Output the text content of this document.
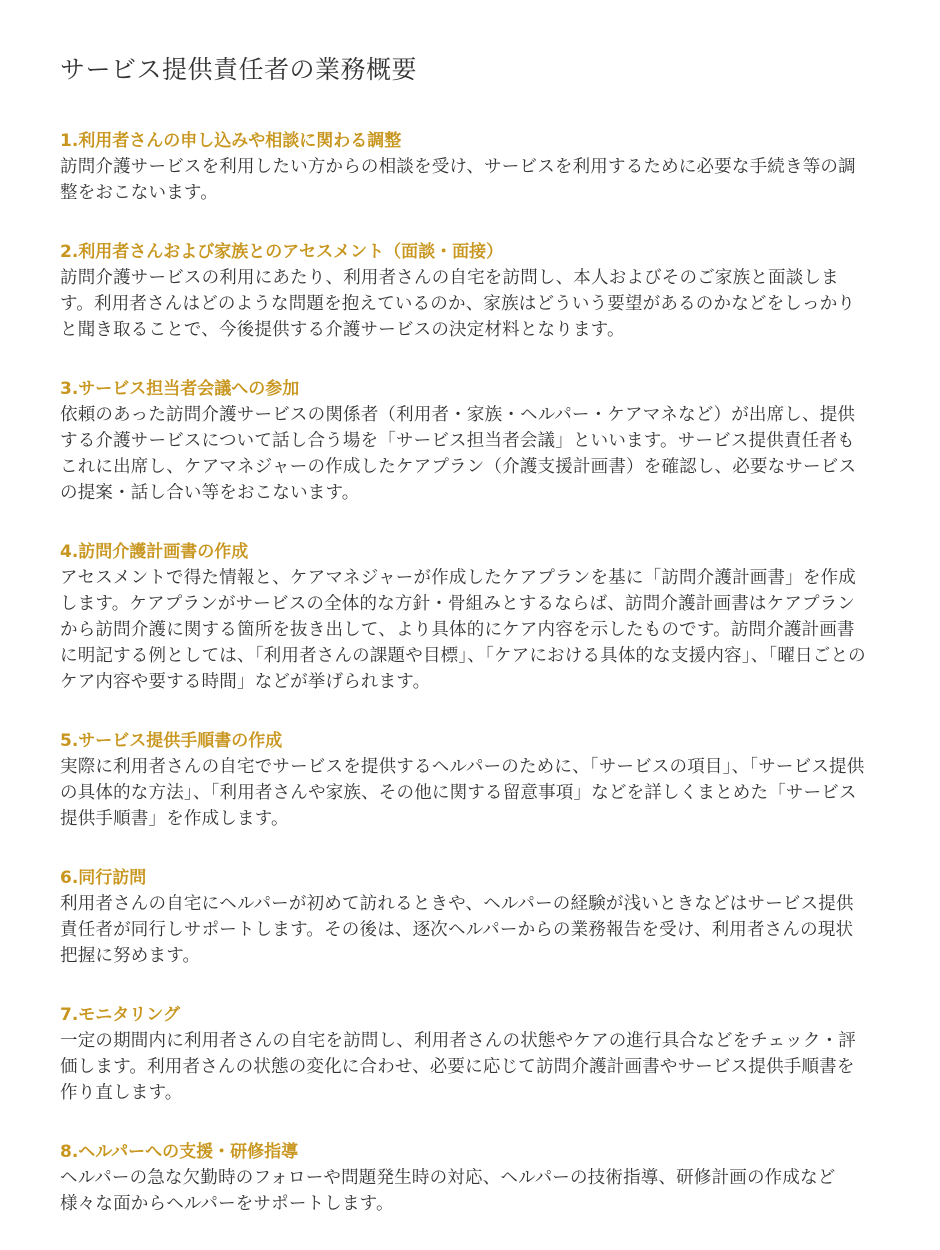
サービス提供責任者の業務概要
1.利用者さんの申し込みや相談に関わる調整

訪問介護サービスを利用したい方からの相談を受け、サービスを利用するために必要な手続き等の調整をおこないます。

2.利用者さんおよび家族とのアセスメント（面談・面接）

訪問介護サービスの利用にあたり、利用者さんの自宅を訪問し、本人およびそのご家族と面談します。利用者さんはどのような問題を抱えているのか、家族はどういう要望があるのかなどをしっかりと聞き取ることで、今後提供する介護サービスの決定材料となります。

3.サービス担当者会議への参加

依頼のあった訪問介護サービスの関係者（利用者・家族・ヘルパー・ケアマネなど）が出席し、提供する介護サービスについて話し合う場を「サービス担当者会議」といいます。サービス提供責任者もこれに出席し、ケアマネジャーの作成したケアプラン（介護支援計画書）を確認し、必要なサービスの提案・話し合い等をおこないます。

4.訪問介護計画書の作成

アセスメントで得た情報と、ケアマネジャーが作成したケアプランを基に「訪問介護計画書」を作成します。ケアプランがサービスの全体的な方針・骨組みとするならば、訪問介護計画書はケアプランから訪問介護に関する箇所を抜き出して、より具体的にケア内容を示したものです。訪問介護計画書に明記する例としては、「利用者さんの課題や目標」、「ケアにおける具体的な支援内容」、「曜日ごとのケア内容や要する時間」などが挙げられます。

5.サービス提供手順書の作成

実際に利用者さんの自宅でサービスを提供するヘルパーのために、「サービスの項目」、「サービス提供の具体的な方法」、「利用者さんや家族、その他に関する留意事項」などを詳しくまとめた「サービス提供手順書」を作成します。

6.同行訪問

利用者さんの自宅にヘルパーが初めて訪れるときや、ヘルパーの経験が浅いときなどはサービス提供責任者が同行しサポートします。その後は、逐次ヘルパーからの業務報告を受け、利用者さんの現状把握に努めます。

7.モニタリング

一定の期間内に利用者さんの自宅を訪問し、利用者さんの状態やケアの進行具合などをチェック・評価します。利用者さんの状態の変化に合わせ、必要に応じて訪問介護計画書やサービス提供手順書を作り直します。

8.ヘルパーへの支援・研修指導

ヘルパーの急な欠勤時のフォローや問題発生時の対応、ヘルパーの技術指導、研修計画の作成など様々な面からヘルパーをサポートします。
